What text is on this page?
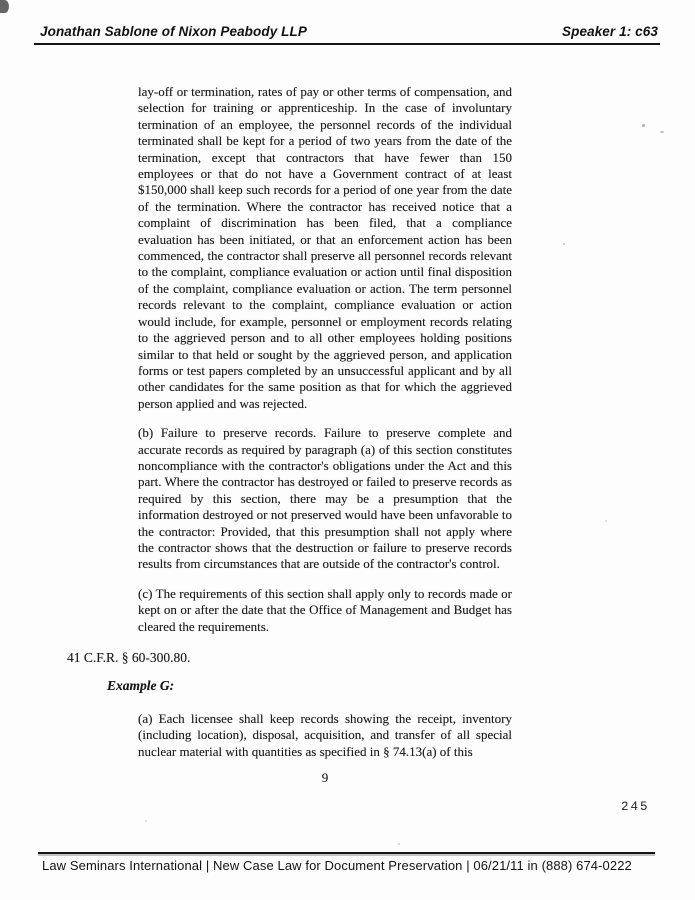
Jonathan Sablone of Nixon Peabody LLP	Speaker 1: c63

lay-off or termination, rates of pay or other terms of compensation, and selection for training or apprenticeship. In the case of involuntary termination of an employee, the personnel records of the individual terminated shall be kept for a period of two years from the date of the termination, except that contractors that have fewer than 150 employees or that do not have a Government contract of at least $150,000 shall keep such records for a period of one year from the date of the termination. Where the contractor has received notice that a complaint of discrimination has been filed, that a compliance evaluation has been initiated, or that an enforcement action has been commenced, the contractor shall preserve all personnel records relevant to the complaint, compliance evaluation or action until final disposition of the complaint, compliance evaluation or action. The term personnel records relevant to the complaint, compliance evaluation or action would include, for example, personnel or employment records relating to the aggrieved person and to all other employees holding positions similar to that held or sought by the aggrieved person, and application forms or test papers completed by an unsuccessful applicant and by all other candidates for the same position as that for which the aggrieved person applied and was rejected.

(b) Failure to preserve records. Failure to preserve complete and accurate records as required by paragraph (a) of this section constitutes noncompliance with the contractor's obligations under the Act and this part. Where the contractor has destroyed or failed to preserve records as required by this section, there may be a presumption that the information destroyed or not preserved would have been unfavorable to the contractor: Provided, that this presumption shall not apply where the contractor shows that the destruction or failure to preserve records results from circumstances that are outside of the contractor's control.

(c) The requirements of this section shall apply only to records made or kept on or after the date that the Office of Management and Budget has cleared the requirements.

41 C.F.R. § 60-300.80.
Example G:

(a) Each licensee shall keep records showing the receipt, inventory (including location), disposal, acquisition, and transfer of all special nuclear material with quantities as specified in § 74.13(a) of this

9
245
Law Seminars International | New Case Law for Document Preservation | 06/21/11 in (888) 674-0222
